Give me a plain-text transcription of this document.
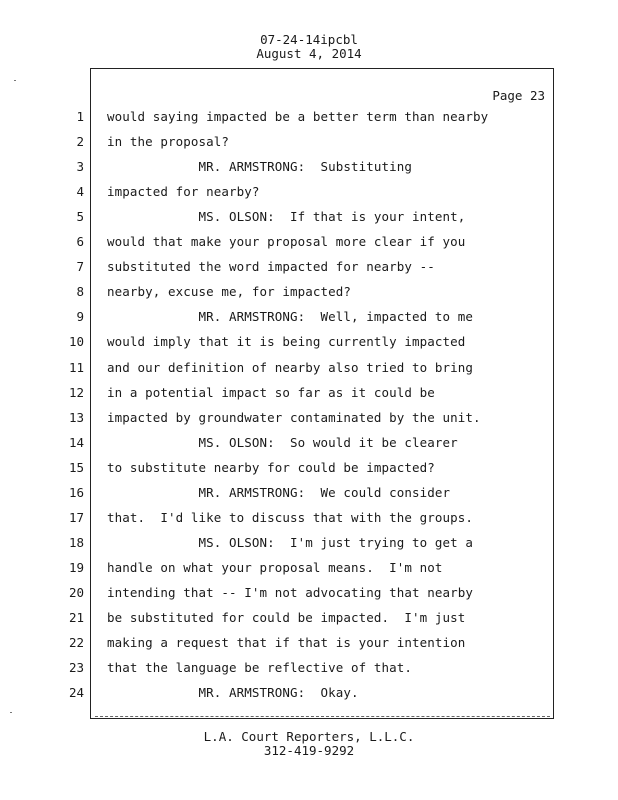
07-24-14ipcbl
August 4, 2014
Page 23
1 would saying impacted be a better term than nearby
2 in the proposal?
3 MR. ARMSTRONG:  Substituting
4 impacted for nearby?
5 MS. OLSON:  If that is your intent,
6 would that make your proposal more clear if you
7 substituted the word impacted for nearby --
8 nearby, excuse me, for impacted?
9 MR. ARMSTRONG:  Well, impacted to me
10 would imply that it is being currently impacted
11 and our definition of nearby also tried to bring
12 in a potential impact so far as it could be
13 impacted by groundwater contaminated by the unit.
14 MS. OLSON:  So would it be clearer
15 to substitute nearby for could be impacted?
16 MR. ARMSTRONG:  We could consider
17 that.  I'd like to discuss that with the groups.
18 MS. OLSON:  I'm just trying to get a
19 handle on what your proposal means.  I'm not
20 intending that -- I'm not advocating that nearby
21 be substituted for could be impacted.  I'm just
22 making a request that if that is your intention
23 that the language be reflective of that.
24 MR. ARMSTRONG:  Okay.
L.A. Court Reporters, L.L.C.
312-419-9292
